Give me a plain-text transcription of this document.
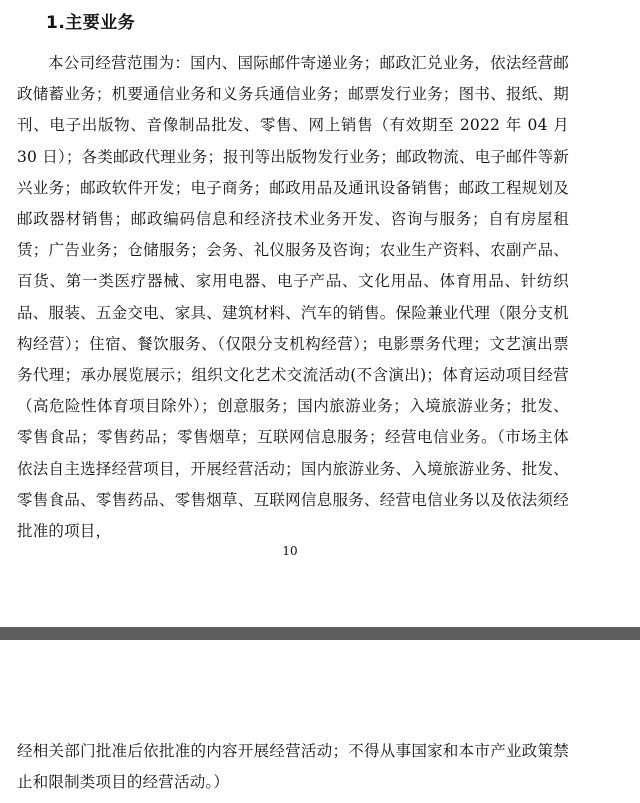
1.主要业务
本公司经营范围为：国内、国际邮件寄递业务；邮政汇兑业务，依法经营邮政储蓄业务；机要通信业务和义务兵通信业务；邮票发行业务；图书、报纸、期刊、电子出版物、音像制品批发、零售、网上销售（有效期至 2022 年 04 月 30 日）；各类邮政代理业务；报刊等出版物发行业务；邮政物流、电子邮件等新兴业务；邮政软件开发；电子商务；邮政用品及通讯设备销售；邮政工程规划及邮政器材销售；邮政编码信息和经济技术业务开发、咨询与服务；自有房屋租赁；广告业务；仓储服务；会务、礼仪服务及咨询；农业生产资料、农副产品、百货、第一类医疗器械、家用电器、电子产品、文化用品、体育用品、针纺织品、服装、五金交电、家具、建筑材料、汽车的销售。保险兼业代理（限分支机构经营）；住宿、餐饮服务、（仅限分支机构经营）；电影票务代理；文艺演出票务代理；承办展览展示；组织文化艺术交流活动(不含演出)；体育运动项目经营（高危险性体育项目除外）；创意服务；国内旅游业务；入境旅游业务；批发、零售食品；零售药品；零售烟草；互联网信息服务；经营电信业务。（市场主体依法自主选择经营项目，开展经营活动；国内旅游业务、入境旅游业务、批发、零售食品、零售药品、零售烟草、互联网信息服务、经营电信业务以及依法须经批准的项目，
10
经相关部门批准后依批准的内容开展经营活动；不得从事国家和本市产业政策禁止和限制类项目的经营活动。）
